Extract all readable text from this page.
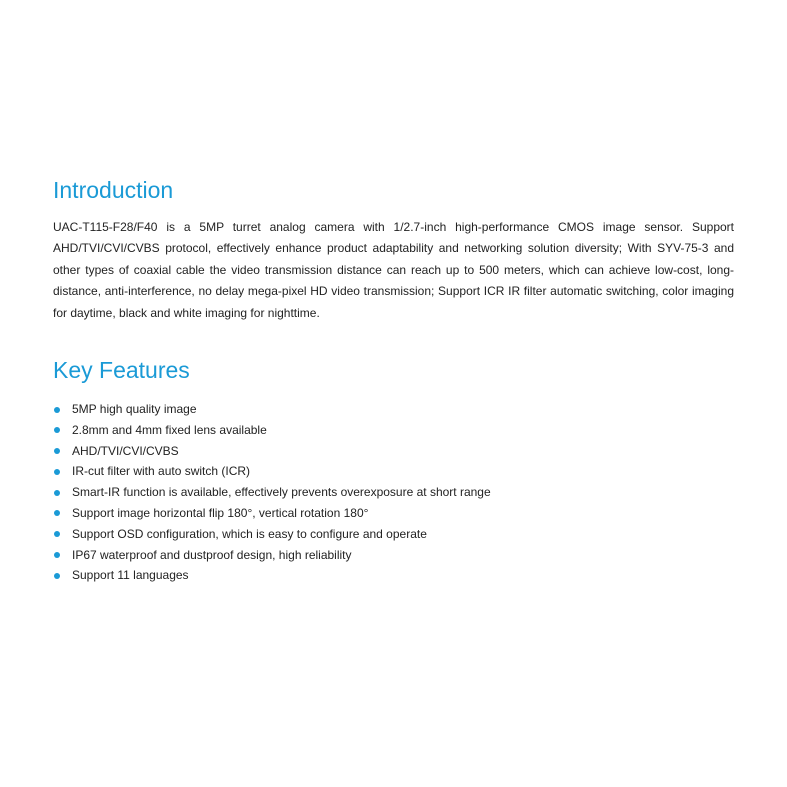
Introduction

UAC-T115-F28/F40 is a 5MP turret analog camera with 1/2.7-inch high-performance CMOS image sensor. Support AHD/TVI/CVI/CVBS protocol, effectively enhance product adaptability and networking solution diversity; With SYV-75-3 and other types of coaxial cable the video transmission distance can reach up to 500 meters, which can achieve low-cost, long-distance, anti-interference, no delay mega-pixel HD video transmission; Support ICR IR filter automatic switching, color imaging for daytime, black and white imaging for nighttime.

Key Features
5MP high quality image
2.8mm and 4mm fixed lens available
AHD/TVI/CVI/CVBS
IR-cut filter with auto switch (ICR)
Smart-IR function is available, effectively prevents overexposure at short range
Support image horizontal flip 180°, vertical rotation 180°
Support OSD configuration, which is easy to configure and operate
IP67 waterproof and dustproof design, high reliability
Support 11 languages
